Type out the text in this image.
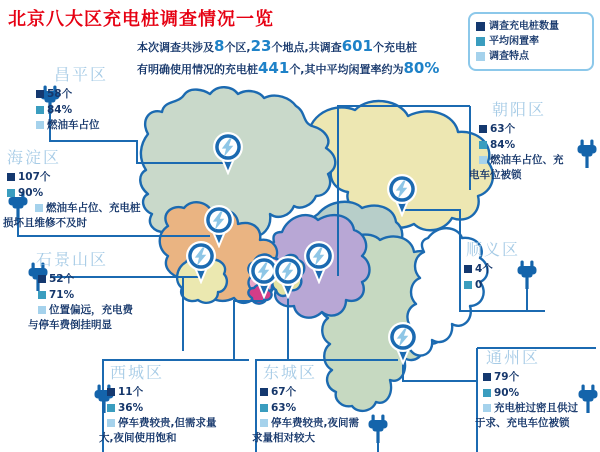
北京八大区充电桩调查情况一览
本次调查共涉及8个区,23个地点,共调查601个充电桩
有明确使用情况的充电桩441个,其中平均闲置率约为80%
调查充电桩数量
平均闲置率
调查特点
昌平区
58个
84%
燃油车占位
海淀区
107个
90%
燃油车占位、充电桩
损坏且维修不及时
石景山区
52个
71%
位置偏远，充电费
与停车费倒挂明显
西城区
11个
36%
停车费较贵,但需求量
大,夜间使用饱和
东城区
67个
63%
停车费较贵,夜间需
求量相对较大
朝阳区
63个
84%
燃油车占位、充
电车位被锁
顺义区
4个
0
通州区
79个
90%
充电桩过密且供过
于求、充电车位被锁
